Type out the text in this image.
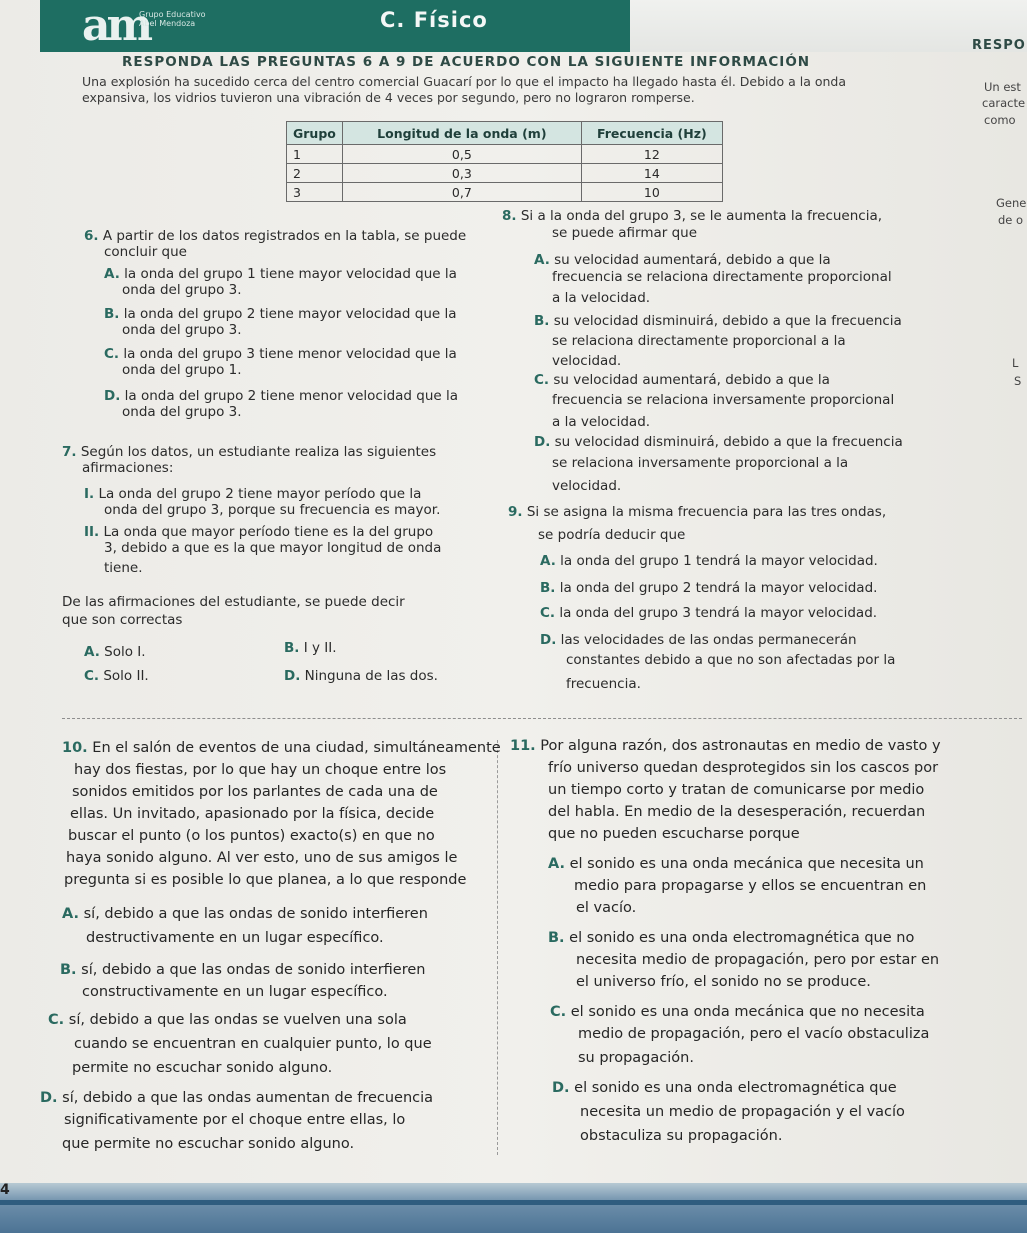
am
Grupo Educativo
Abel Mendoza	C. Físico
RESPONDA LAS PREGUNTAS 6 A 9 DE ACUERDO CON LA SIGUIENTE INFORMACIÓN
Una explosión ha sucedido cerca del centro comercial Guacarí por lo que el impacto ha llegado hasta él. Debido a la onda
expansiva, los vidrios tuvieron una vibración de 4 veces por segundo, pero no lograron romperse.
Grupo	Longitud de la onda (m)	Frecuencia (Hz)
1	0,5	12
2	0,3	14
3	0,7	10
6. A partir de los datos registrados en la tabla, se puede
concluir que
A. la onda del grupo 1 tiene mayor velocidad que la
onda del grupo 3.
B. la onda del grupo 2 tiene mayor velocidad que la
onda del grupo 3.
C. la onda del grupo 3 tiene menor velocidad que la
onda del grupo 1.
D. la onda del grupo 2 tiene menor velocidad que la
onda del grupo 3.
7. Según los datos, un estudiante realiza las siguientes
afirmaciones:
I. La onda del grupo 2 tiene mayor período que la
onda del grupo 3, porque su frecuencia es mayor.
II. La onda que mayor período tiene es la del grupo
3, debido a que es la que mayor longitud de onda
tiene.
De las afirmaciones del estudiante, se puede decir
que son correctas
A. Solo I.	B. I y II.
C. Solo II.	D. Ninguna de las dos.
8. Si a la onda del grupo 3, se le aumenta la frecuencia,
se puede afirmar que
A. su velocidad aumentará, debido a que la
frecuencia se relaciona directamente proporcional
a la velocidad.
B. su velocidad disminuirá, debido a que la frecuencia
se relaciona directamente proporcional a la
velocidad.
C. su velocidad aumentará, debido a que la
frecuencia se relaciona inversamente proporcional
a la velocidad.
D. su velocidad disminuirá, debido a que la frecuencia
se relaciona inversamente proporcional a la
velocidad.
9. Si se asigna la misma frecuencia para las tres ondas,
se podría deducir que
A. la onda del grupo 1 tendrá la mayor velocidad.
B. la onda del grupo 2 tendrá la mayor velocidad.
C. la onda del grupo 3 tendrá la mayor velocidad.
D. las velocidades de las ondas permanecerán
constantes debido a que no son afectadas por la
frecuencia.
10. En el salón de eventos de una ciudad, simultáneamente
hay dos fiestas, por lo que hay un choque entre los
sonidos emitidos por los parlantes de cada una de
ellas. Un invitado, apasionado por la física, decide
buscar el punto (o los puntos) exacto(s) en que no
haya sonido alguno. Al ver esto, uno de sus amigos le
pregunta si es posible lo que planea, a lo que responde
A. sí, debido a que las ondas de sonido interfieren
destructivamente en un lugar específico.
B. sí, debido a que las ondas de sonido interfieren
constructivamente en un lugar específico.
C. sí, debido a que las ondas se vuelven una sola
cuando se encuentran en cualquier punto, lo que
permite no escuchar sonido alguno.
D. sí, debido a que las ondas aumentan de frecuencia
significativamente por el choque entre ellas, lo
que permite no escuchar sonido alguno.
11. Por alguna razón, dos astronautas en medio de vasto y
frío universo quedan desprotegidos sin los cascos por
un tiempo corto y tratan de comunicarse por medio
del habla. En medio de la desesperación, recuerdan
que no pueden escucharse porque
A. el sonido es una onda mecánica que necesita un
medio para propagarse y ellos se encuentran en
el vacío.
B. el sonido es una onda electromagnética que no
necesita medio de propagación, pero por estar en
el universo frío, el sonido no se produce.
C. el sonido es una onda mecánica que no necesita
medio de propagación, pero el vacío obstaculiza
su propagación.
D. el sonido es una onda electromagnética que
necesita un medio de propagación y el vacío
obstaculiza su propagación.
RESPO
Un est
caracte
como
Gene
de o
L
S
4
